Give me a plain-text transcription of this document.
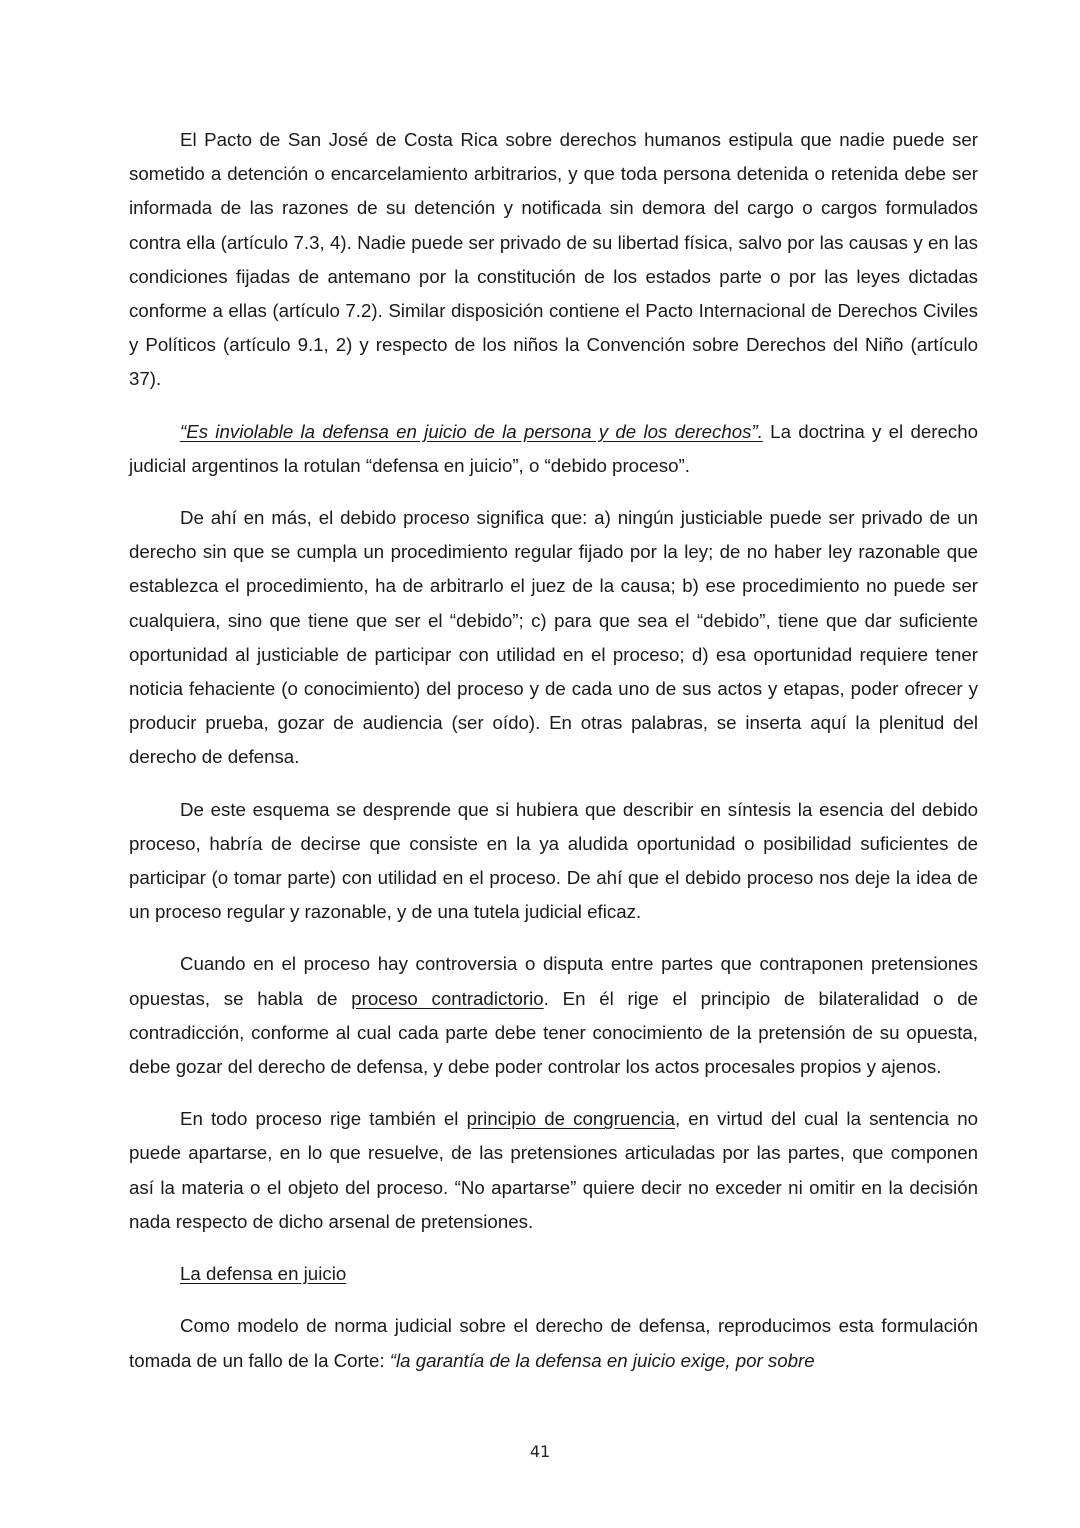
El Pacto de San José de Costa Rica sobre derechos humanos estipula que nadie puede ser sometido a detención o encarcelamiento arbitrarios, y que toda persona detenida o retenida debe ser informada de las razones de su detención y notificada sin demora del cargo o cargos formulados contra ella (artículo 7.3, 4). Nadie puede ser privado de su libertad física, salvo por las causas y en las condiciones fijadas de antemano por la constitución de los estados parte o por las leyes dictadas conforme a ellas (artículo 7.2). Similar disposición contiene el Pacto Internacional de Derechos Civiles y Políticos (artículo 9.1, 2) y respecto de los niños la Convención sobre Derechos del Niño (artículo 37).

“Es inviolable la defensa en juicio de la persona y de los derechos”. La doctrina y el derecho judicial argentinos la rotulan “defensa en juicio”, o “debido proceso”.

De ahí en más, el debido proceso significa que: a) ningún justiciable puede ser privado de un derecho sin que se cumpla un procedimiento regular fijado por la ley; de no haber ley razonable que establezca el procedimiento, ha de arbitrarlo el juez de la causa; b) ese procedimiento no puede ser cualquiera, sino que tiene que ser el “debido”; c) para que sea el “debido”, tiene que dar suficiente oportunidad al justiciable de participar con utilidad en el proceso; d) esa oportunidad requiere tener noticia fehaciente (o conocimiento) del proceso y de cada uno de sus actos y etapas, poder ofrecer y producir prueba, gozar de audiencia (ser oído). En otras palabras, se inserta aquí la plenitud del derecho de defensa.

De este esquema se desprende que si hubiera que describir en síntesis la esencia del debido proceso, habría de decirse que consiste en la ya aludida oportunidad o posibilidad suficientes de participar (o tomar parte) con utilidad en el proceso. De ahí que el debido proceso nos deje la idea de un proceso regular y razonable, y de una tutela judicial eficaz.

Cuando en el proceso hay controversia o disputa entre partes que contraponen pretensiones opuestas, se habla de proceso contradictorio. En él rige el principio de bilateralidad o de contradicción, conforme al cual cada parte debe tener conocimiento de la pretensión de su opuesta, debe gozar del derecho de defensa, y debe poder controlar los actos procesales propios y ajenos.

En todo proceso rige también el principio de congruencia, en virtud del cual la sentencia no puede apartarse, en lo que resuelve, de las pretensiones articuladas por las partes, que componen así la materia o el objeto del proceso. “No apartarse” quiere decir no exceder ni omitir en la decisión nada respecto de dicho arsenal de pretensiones.

La defensa en juicio

Como modelo de norma judicial sobre el derecho de defensa, reproducimos esta formulación tomada de un fallo de la Corte: “la garantía de la defensa en juicio exige, por sobre

41
